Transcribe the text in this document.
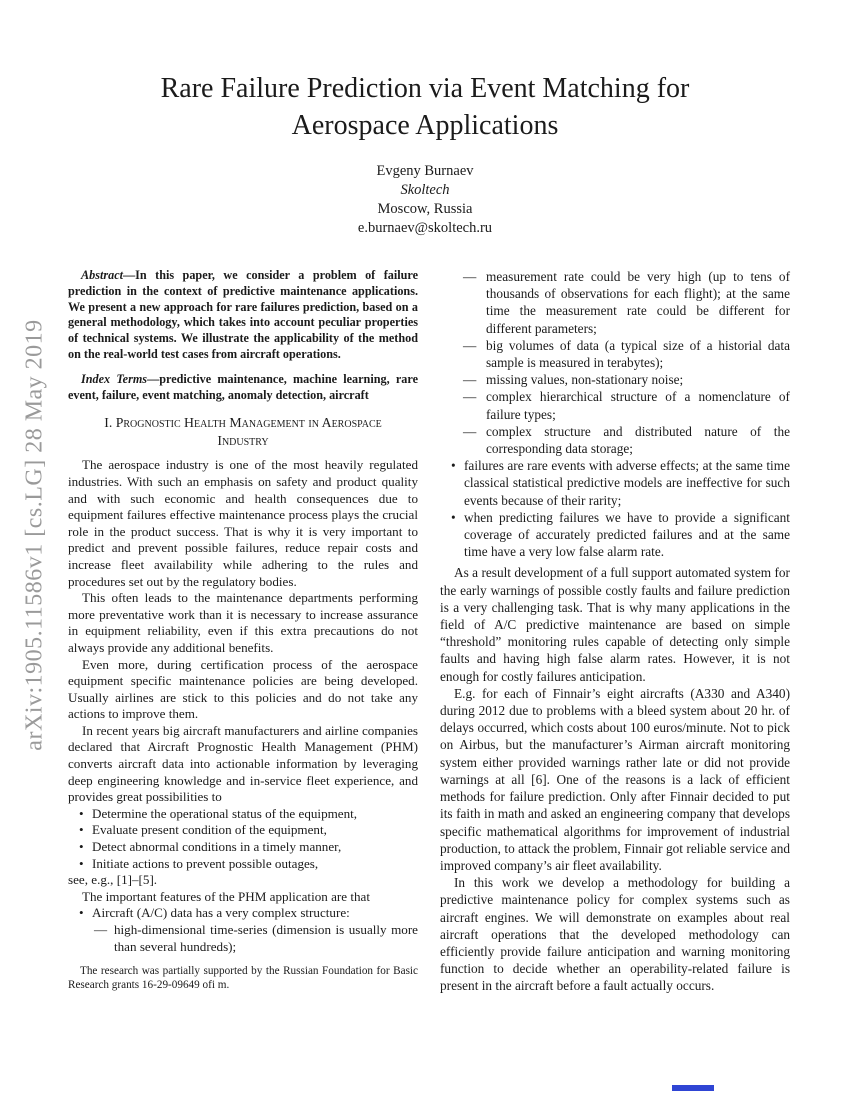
arXiv:1905.11586v1 [cs.LG] 28 May 2019
Rare Failure Prediction via Event Matching for
Aerospace Applications
Evgeny Burnaev
Skoltech
Moscow, Russia
e.burnaev@skoltech.ru

Abstract—In this paper, we consider a problem of failure prediction in the context of predictive maintenance applications. We present a new approach for rare failures prediction, based on a general methodology, which takes into account peculiar properties of technical systems. We illustrate the applicability of the method on the real-world test cases from aircraft operations.

Index Terms—predictive maintenance, machine learning, rare event, failure, event matching, anomaly detection, aircraft

I. Prognostic Health Management in Aerospace
Industry

The aerospace industry is one of the most heavily regulated industries. With such an emphasis on safety and product quality and with such economic and health consequences due to equipment failures effective maintenance process plays the crucial role in the product success. That is why it is very important to predict and prevent possible failures, reduce repair costs and increase fleet availability while adhering to the rules and procedures set out by the regulatory bodies.

This often leads to the maintenance departments performing more preventative work than it is necessary to increase assurance in equipment reliability, even if this extra precautions do not always provide any additional benefits.

Even more, during certification process of the aerospace equipment specific maintenance policies are being developed. Usually airlines are stick to this policies and do not take any actions to improve them.

In recent years big aircraft manufacturers and airline companies declared that Aircraft Prognostic Health Management (PHM) converts aircraft data into actionable information by leveraging deep engineering knowledge and in-service fleet experience, and provides great possibilities to

• Determine the operational status of the equipment,
• Evaluate present condition of the equipment,
• Detect abnormal conditions in a timely manner,
• Initiate actions to prevent possible outages,

see, e.g., [1]–[5].

The important features of the PHM application are that

• Aircraft (A/C) data has a very complex structure:
— high-dimensional time-series (dimension is usually more than several hundreds);
— measurement rate could be very high (up to tens of thousands of observations for each flight); at the same time the measurement rate could be different for different parameters;
— big volumes of data (a typical size of a historial data sample is measured in terabytes);
— missing values, non-stationary noise;
— complex hierarchical structure of a nomenclature of failure types;
— complex structure and distributed nature of the corresponding data storage;
• failures are rare events with adverse effects; at the same time classical statistical predictive models are ineffective for such events because of their rarity;
• when predicting failures we have to provide a significant coverage of accurately predicted failures and at the same time have a very low false alarm rate.

As a result development of a full support automated system for the early warnings of possible costly faults and failure prediction is a very challenging task. That is why many applications in the field of A/C predictive maintenance are based on simple “threshold” monitoring rules capable of detecting only simple faults and having high false alarm rates. However, it is not enough for costly failures anticipation.

E.g. for each of Finnair’s eight aircrafts (A330 and A340) during 2012 due to problems with a bleed system about 20 hr. of delays occurred, which costs about 100 euros/minute. Not to pick on Airbus, but the manufacturer’s Airman aircraft monitoring system either provided warnings rather late or did not provide warnings at all [6]. One of the reasons is a lack of efficient methods for failure prediction. Only after Finnair decided to put its faith in math and asked an engineering company that develops specific mathematical algorithms for improvement of industrial production, to attack the problem, Finnair got reliable service and improved company’s air fleet availability.

In this work we develop a methodology for building a predictive maintenance policy for complex systems such as aircraft engines. We will demonstrate on examples about real aircraft operations that the developed methodology can efficiently provide failure anticipation and warning monitoring function to decide whether an operability-related failure is present in the aircraft before a fault actually occurs.

The research was partially supported by the Russian Foundation for Basic Research grants 16-29-09649 ofi m.
